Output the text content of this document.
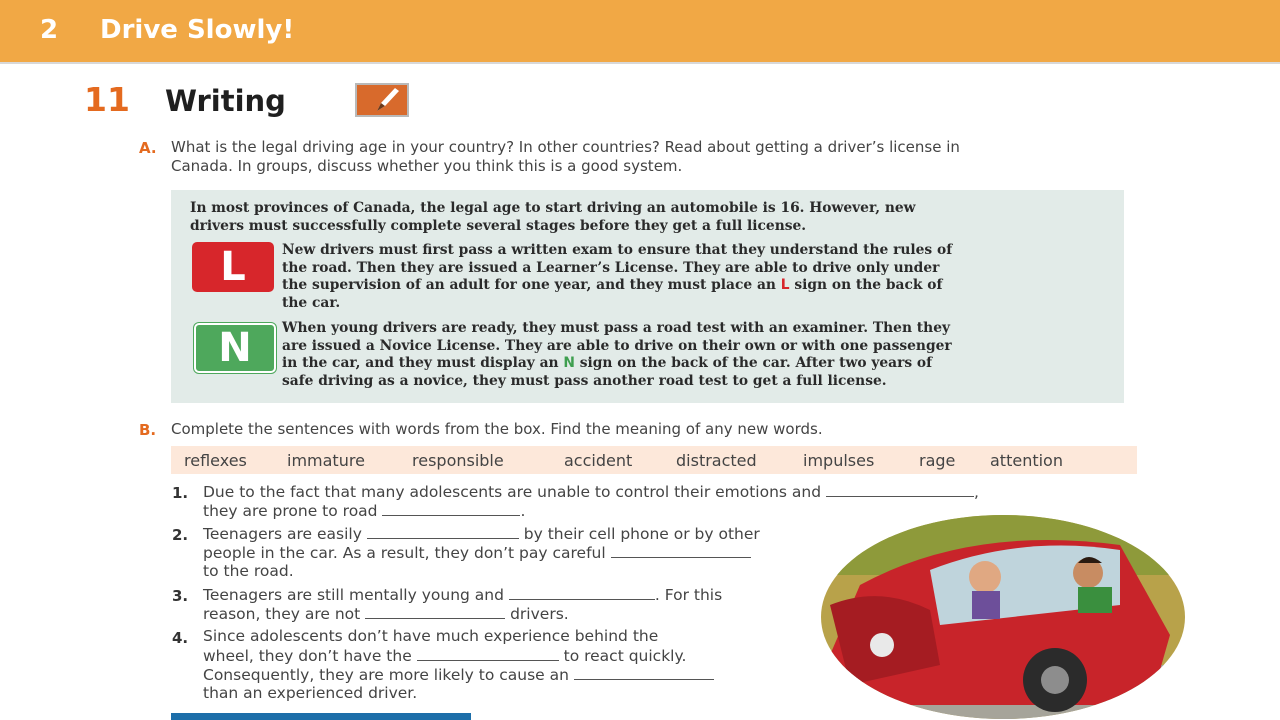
2 Drive Slowly!
11 Writing
A. What is the legal driving age in your country? In other countries? Read about getting a driver’s license in
Canada. In groups, discuss whether you think this is a good system.
In most provinces of Canada, the legal age to start driving an automobile is 16. However, new
drivers must successfully complete several stages before they get a full license.
L	New drivers must first pass a written exam to ensure that they understand the rules of
the road. Then they are issued a Learner’s License. They are able to drive only under
the supervision of an adult for one year, and they must place an L sign on the back of
the car.
N	When young drivers are ready, they must pass a road test with an examiner. Then they
are issued a Novice License. They are able to drive on their own or with one passenger
in the car, and they must display an N sign on the back of the car. After two years of
safe driving as a novice, they must pass another road test to get a full license.
B. Complete the sentences with words from the box. Find the meaning of any new words.
reflexes	immature	responsible	accident	distracted	impulses	rage attention
1. Due to the fact that many adolescents are unable to control their emotions and	,
they are prone to road	.
2. Teenagers are easily	by their cell phone or by other
people in the car. As a result, they don’t pay careful
to the road.
3. Teenagers are still mentally young and	. For this
reason, they are not	drivers.
4. Since adolescents don’t have much experience behind the
wheel, they don’t have the	to react quickly.
Consequently, they are more likely to cause an
than an experienced driver.
